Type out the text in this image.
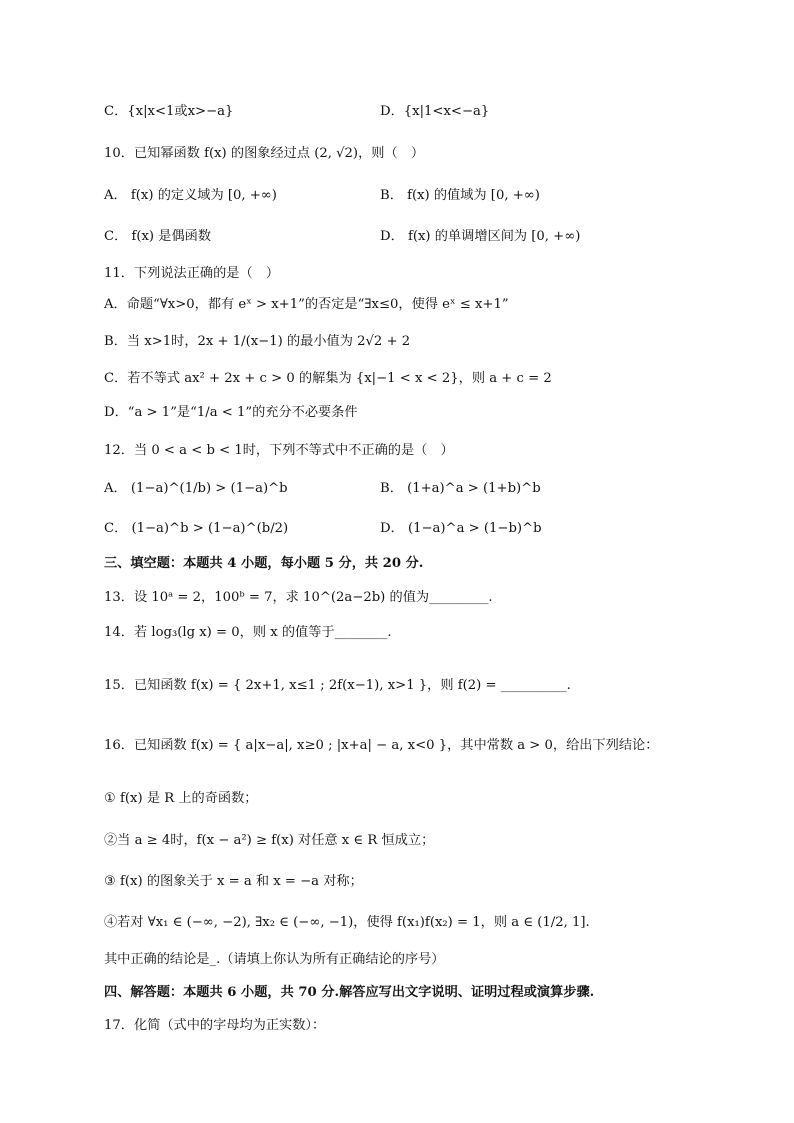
C．{x|x<1或x>−a}	D．{x|1<x<−a}
10．已知幂函数 f(x) 的图象经过点 (2, √2)，则（　）
A． f(x) 的定义域为 [0, +∞)	B． f(x) 的值域为 [0, +∞)
C． f(x) 是偶函数	D． f(x) 的单调增区间为 [0, +∞)
11．下列说法正确的是（　）
A．命题“∀x>0，都有 eˣ > x+1”的否定是“∃x≤0，使得 eˣ ≤ x+1”
B．当 x>1时，2x + 1/(x−1) 的最小值为 2√2 + 2
C．若不等式 ax² + 2x + c > 0 的解集为 {x|−1 < x < 2}，则 a + c = 2
D．“a > 1”是“1/a < 1”的充分不必要条件
12．当 0 < a < b < 1时，下列不等式中不正确的是（　）
A． (1−a)^(1/b) > (1−a)^b	B． (1+a)^a > (1+b)^b
C． (1−a)^b > (1−a)^(b/2)	D． (1−a)^a > (1−b)^b
三、填空题：本题共 4 小题，每小题 5 分，共 20 分.
13．设 10ᵃ = 2，100ᵇ = 7，求 10^(2a−2b) 的值为_________.
14．若 log₃(lg x) = 0，则 x 的值等于________.
15．已知函数 f(x) = { 2x+1, x≤1 ; 2f(x−1), x>1 }，则 f(2) = __________.
16．已知函数 f(x) = { a|x−a|, x≥0 ; |x+a| − a, x<0 }，其中常数 a > 0，给出下列结论：
① f(x) 是 R 上的奇函数；
②当 a ≥ 4时，f(x − a²) ≥ f(x) 对任意 x ∈ R 恒成立；
③ f(x) 的图象关于 x = a 和 x = −a 对称；
④若对 ∀x₁ ∈ (−∞, −2), ∃x₂ ∈ (−∞, −1)，使得 f(x₁)f(x₂) = 1，则 a ∈ (1/2, 1].
其中正确的结论是_.（请填上你认为所有正确结论的序号）
四、解答题：本题共 6 小题，共 70 分.解答应写出文字说明、证明过程或演算步骤.
17．化简（式中的字母均为正实数）：
